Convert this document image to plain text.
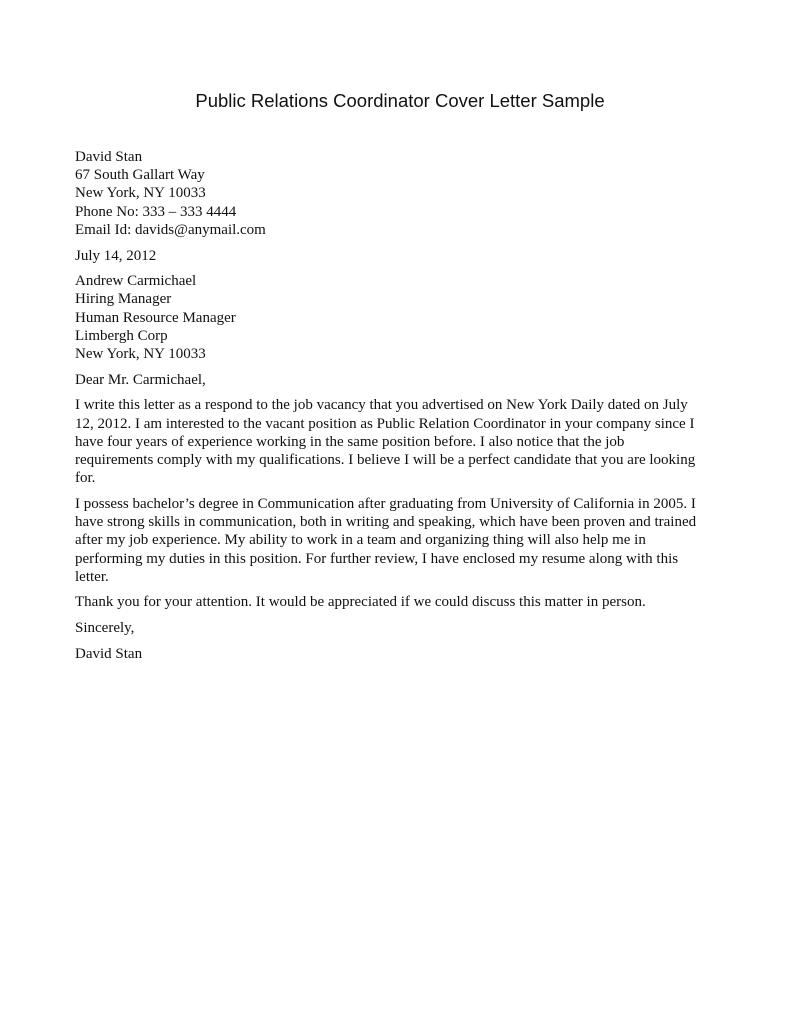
Public Relations Coordinator Cover Letter Sample
David Stan
67 South Gallart Way
New York, NY 10033
Phone No: 333 – 333 4444
Email Id: davids@anymail.com
July 14, 2012
Andrew Carmichael
Hiring Manager
Human Resource Manager
Limbergh Corp
New York, NY 10033
Dear Mr. Carmichael,
I write this letter as a respond to the job vacancy that you advertised on New York Daily dated on July
12, 2012. I am interested to the vacant position as Public Relation Coordinator in your company since I
have four years of experience working in the same position before. I also notice that the job
requirements comply with my qualifications. I believe I will be a perfect candidate that you are looking
for.
I possess bachelor’s degree in Communication after graduating from University of California in 2005. I
have strong skills in communication, both in writing and speaking, which have been proven and trained
after my job experience. My ability to work in a team and organizing thing will also help me in
performing my duties in this position. For further review, I have enclosed my resume along with this
letter.
Thank you for your attention. It would be appreciated if we could discuss this matter in person.
Sincerely,
David Stan
